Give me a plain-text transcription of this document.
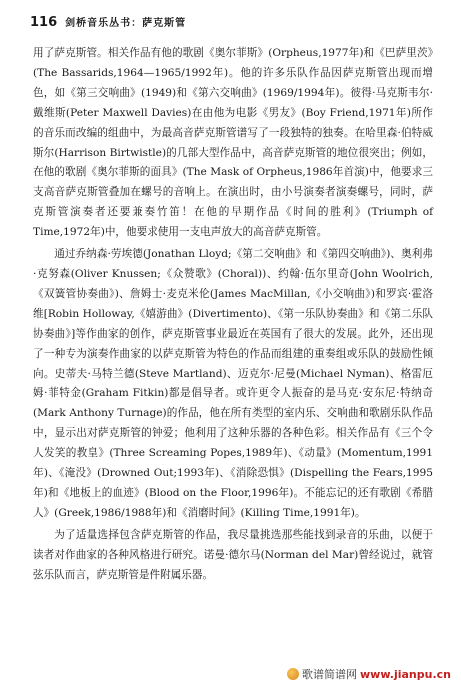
116 剑桥音乐丛书：萨克斯管

用了萨克斯管。相关作品有他的歌剧《奥尔菲斯》(Orpheus,1977年)和《巴萨里茨》(The Bassarids,1964—1965/1992年)。他的许多乐队作品因萨克斯管出现而增色，如《第三交响曲》(1949)和《第六交响曲》(1969/1994年)。彼得·马克斯韦尔·戴维斯(Peter Maxwell Davies)在由他为电影《男友》(Boy Friend,1971年)所作的音乐而改编的组曲中，为最高音萨克斯管谱写了一段独特的独奏。在哈里森·伯特威斯尔(Harrison Birtwistle)的几部大型作品中，高音萨克斯管的地位很突出；例如，在他的歌剧《奥尔菲斯的面具》(The Mask of Orpheus,1986年首演)中，他要求三支高音萨克斯管叠加在螺号的音响上。在演出时，由小号演奏者演奏螺号，同时，萨克斯管演奏者还要兼奏竹笛！在他的早期作品《时间的胜利》(Triumph of Time,1972年)中，他要求使用一支电声放大的高音萨克斯管。

通过乔纳森·劳埃德(Jonathan Lloyd;《第二交响曲》和《第四交响曲》)、奥利弗·克努森(Oliver Knussen;《众赞歌》(Choral))、约翰·伍尔里奇(John Woolrich,《双簧管协奏曲》)、詹姆士·麦克米伦(James MacMillan,《小交响曲》)和罗宾·霍洛维[Robin Holloway,《嬉游曲》(Divertimento)、《第一乐队协奏曲》和《第二乐队协奏曲》]等作曲家的创作，萨克斯管事业最近在英国有了很大的发展。此外，还出现了一种专为演奏作曲家的以萨克斯管为特色的作品而组建的重奏组或乐队的鼓励性倾向。史蒂夫·马特兰德(Steve Martland)、迈克尔·尼曼(Michael Nyman)、格雷厄姆·菲特金(Graham Fitkin)都是倡导者。或许更令人振奋的是马克·安东尼·特纳奇(Mark Anthony Turnage)的作品，他在所有类型的室内乐、交响曲和歌剧乐队作品中，显示出对萨克斯管的钟爱；他利用了这种乐器的各种色彩。相关作品有《三个令人发笑的教皇》(Three Screaming Popes,1989年)、《动量》(Momentum,1991年)、《淹没》(Drowned Out;1993年)、《消除恐惧》(Dispelling the Fears,1995年)和《地板上的血迹》(Blood on the Floor,1996年)。不能忘记的还有歌剧《希腊人》(Greek,1986/1988年)和《消磨时间》(Killing Time,1991年)。

为了适量选择包含萨克斯管的作品，我尽量挑选那些能找到录音的乐曲，以便于读者对作曲家的各种风格进行研究。诺曼·德尔马(Norman del Mar)曾经说过，就管弦乐队而言，萨克斯管是件附属乐器。

歌谱简谱网 www.jianpu.cn
